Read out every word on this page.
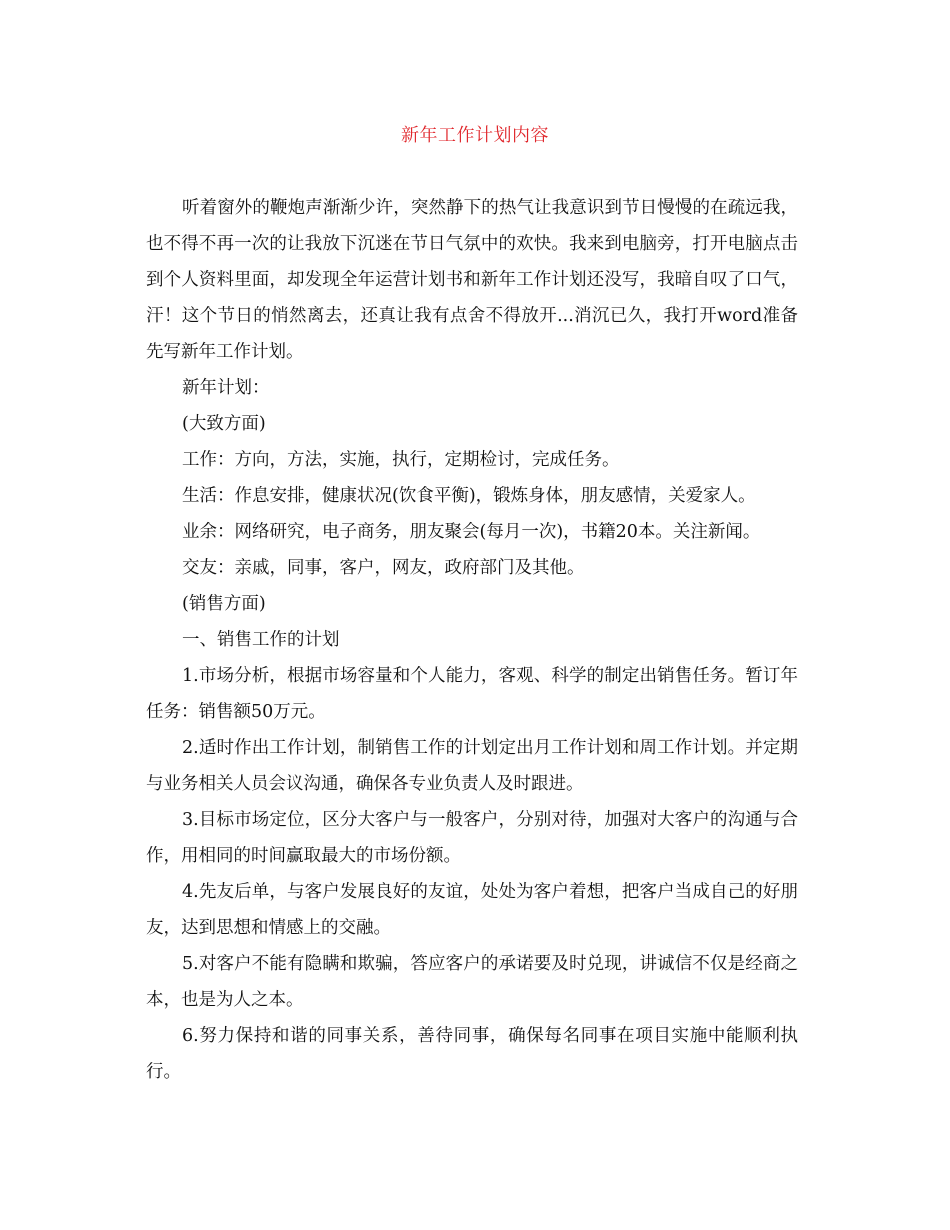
新年工作计划内容

听着窗外的鞭炮声渐渐少许，突然静下的热气让我意识到节日慢慢的在疏远我，也不得不再一次的让我放下沉迷在节日气氛中的欢快。我来到电脑旁，打开电脑点击到个人资料里面，却发现全年运营计划书和新年工作计划还没写，我暗自叹了口气，汗！这个节日的悄然离去，还真让我有点舍不得放开...消沉已久，我打开word准备先写新年工作计划。

新年计划：

(大致方面)

工作：方向，方法，实施，执行，定期检讨，完成任务。

生活：作息安排，健康状况(饮食平衡)，锻炼身体，朋友感情，关爱家人。

业余：网络研究，电子商务，朋友聚会(每月一次)，书籍20本。关注新闻。

交友：亲戚，同事，客户，网友，政府部门及其他。

(销售方面)

一、销售工作的计划

1.市场分析，根据市场容量和个人能力，客观、科学的制定出销售任务。暂订年任务：销售额50万元。

2.适时作出工作计划，制销售工作的计划定出月工作计划和周工作计划。并定期与业务相关人员会议沟通，确保各专业负责人及时跟进。

3.目标市场定位，区分大客户与一般客户，分别对待，加强对大客户的沟通与合作，用相同的时间赢取最大的市场份额。

4.先友后单，与客户发展良好的友谊，处处为客户着想，把客户当成自己的好朋友，达到思想和情感上的交融。

5.对客户不能有隐瞒和欺骗，答应客户的承诺要及时兑现，讲诚信不仅是经商之本，也是为人之本。

6.努力保持和谐的同事关系，善待同事，确保每名同事在项目实施中能顺利执行。
